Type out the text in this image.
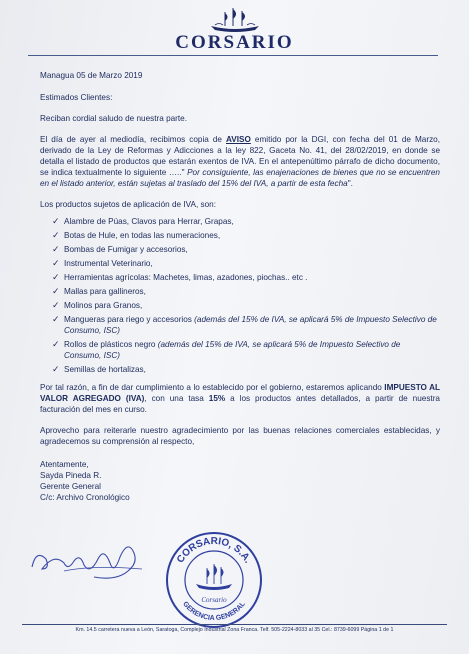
CORSARIO

Managua 05 de Marzo 2019

Estimados Clientes:

Reciban cordial saludo de nuestra parte.

El día de ayer al mediodía, recibimos copia de AVISO emitido por la DGI, con fecha del 01 de Marzo, derivado de la Ley de Reformas y Adicciones a la ley 822, Gaceta No. 41, del 28/02/2019, en donde se detalla el listado de productos que estarán exentos de IVA. En el antepenúltimo párrafo de dicho documento, se indica textualmente lo siguiente ….." Por consiguiente, las enajenaciones de bienes que no se encuentren en el listado anterior, están sujetas al traslado del 15% del IVA, a partir de esta fecha".

Los productos sujetos de aplicación de IVA, son:

✓ Alambre de Púas, Clavos para Herrar, Grapas,
✓ Botas de Hule, en todas las numeraciones,
✓ Bombas de Fumigar y accesorios,
✓ Instrumental Veterinario,
✓ Herramientas agrícolas: Machetes, limas, azadones, piochas.. etc .
✓ Mallas para gallineros,
✓ Molinos para Granos,
✓ Mangueras para riego y accesorios (además del 15% de IVA, se aplicará 5% de Impuesto Selectivo de Consumo, ISC)
✓ Rollos de plásticos negro (además del 15% de IVA, se aplicará 5% de Impuesto Selectivo de Consumo, ISC)
✓ Semillas de hortalizas,

Por tal razón, a fin de dar cumplimiento a lo establecido por el gobierno, estaremos aplicando IMPUESTO AL VALOR AGREGADO (IVA), con una tasa 15% a los productos antes detallados, a partir de nuestra facturación del mes en curso.

Aprovecho para reiterarle nuestro agradecimiento por las buenas relaciones comerciales establecidas, y agradecemos su comprensión al respecto,

Atentamente,
Sayda Pineda R.
Gerente General
C/c: Archivo Cronológico
CORSARIO, S.A.
GERENCIA GENERAL
Corsario
Km. 14.5 carretera nueva a León, Saratoga, Complejo Industrial Zona Franca. Telf. 505-2224-8033 al 35 Cel.: 8739-6099 Página 1 de 1
